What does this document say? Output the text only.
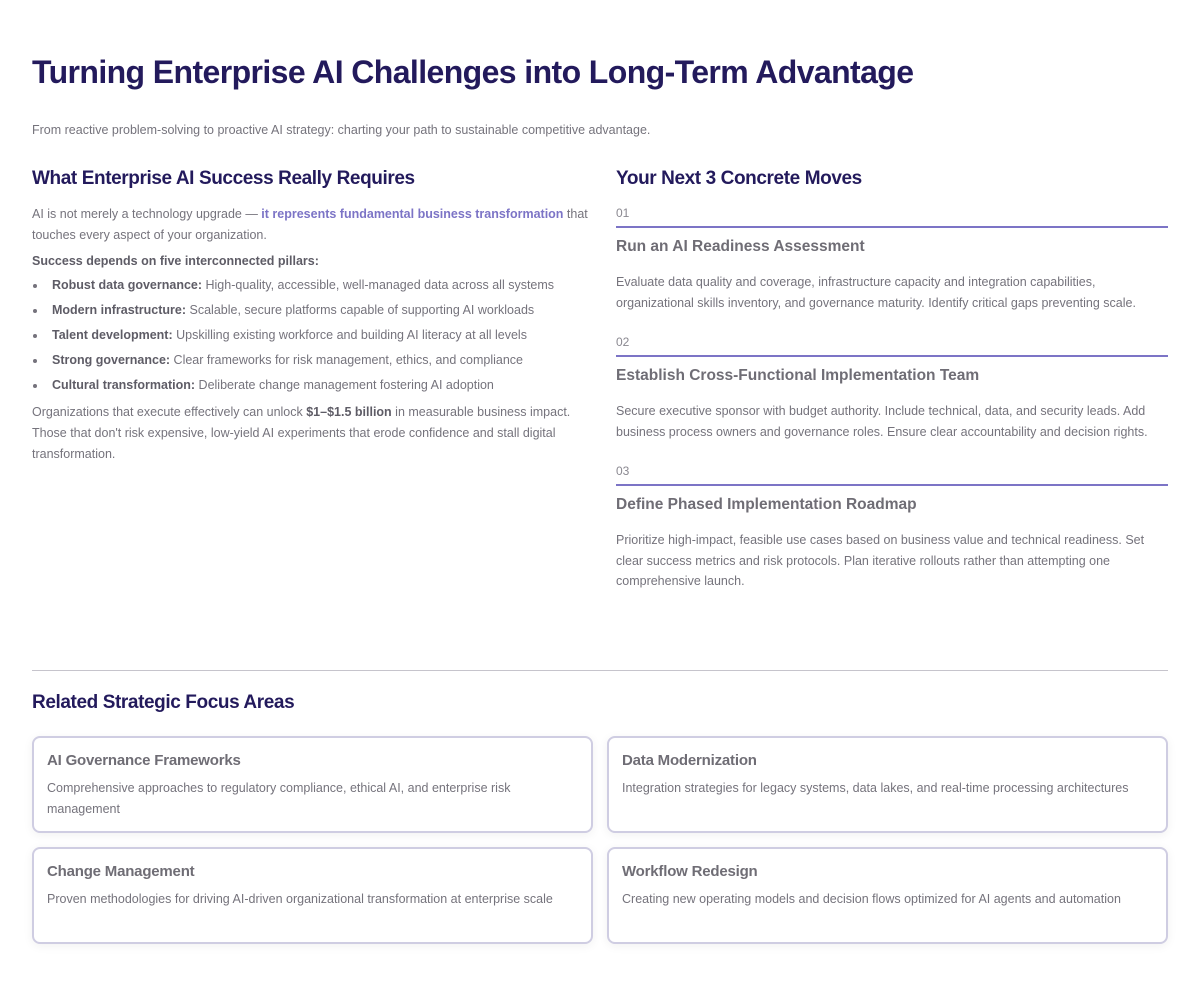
Turning Enterprise AI Challenges into Long-Term Advantage

From reactive problem-solving to proactive AI strategy: charting your path to sustainable competitive advantage.

What Enterprise AI Success Really Requires

AI is not merely a technology upgrade — it represents fundamental business transformation that touches every aspect of your organization.

Success depends on five interconnected pillars:

Robust data governance: High-quality, accessible, well-managed data across all systems
Modern infrastructure: Scalable, secure platforms capable of supporting AI workloads
Talent development: Upskilling existing workforce and building AI literacy at all levels
Strong governance: Clear frameworks for risk management, ethics, and compliance
Cultural transformation: Deliberate change management fostering AI adoption

Organizations that execute effectively can unlock $1–$1.5 billion in measurable business impact. Those that don't risk expensive, low-yield AI experiments that erode confidence and stall digital transformation.

Your Next 3 Concrete Moves
01
Run an AI Readiness Assessment

Evaluate data quality and coverage, infrastructure capacity and integration capabilities, organizational skills inventory, and governance maturity. Identify critical gaps preventing scale.

02
Establish Cross-Functional Implementation Team

Secure executive sponsor with budget authority. Include technical, data, and security leads. Add business process owners and governance roles. Ensure clear accountability and decision rights.

03
Define Phased Implementation Roadmap

Prioritize high-impact, feasible use cases based on business value and technical readiness. Set clear success metrics and risk protocols. Plan iterative rollouts rather than attempting one comprehensive launch.

Related Strategic Focus Areas
AI Governance Frameworks

Comprehensive approaches to regulatory compliance, ethical AI, and enterprise risk management

Data Modernization

Integration strategies for legacy systems, data lakes, and real-time processing architectures

Change Management

Proven methodologies for driving AI-driven organizational transformation at enterprise scale

Workflow Redesign

Creating new operating models and decision flows optimized for AI agents and automation
